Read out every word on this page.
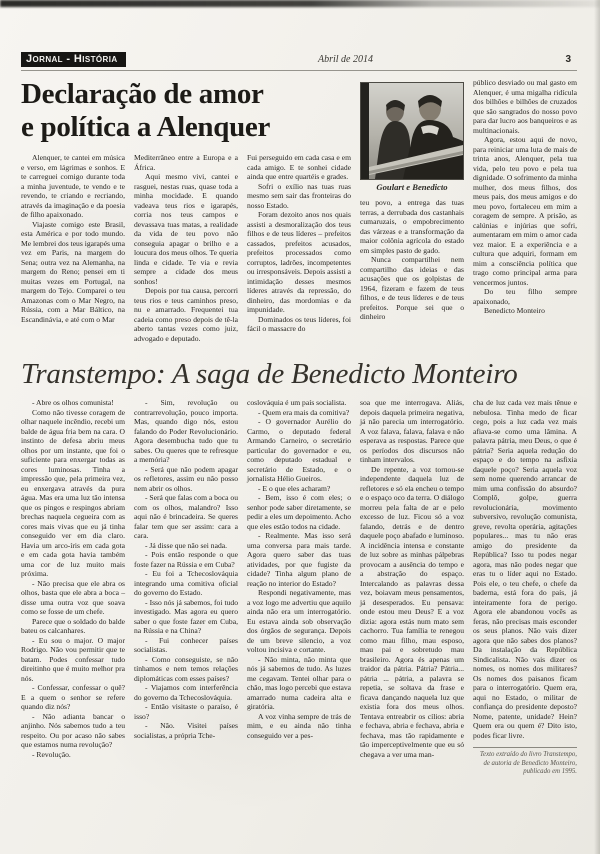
Jornal - História	Abril de 2014	3
Declaração de amor
e política a Alenquer

Alenquer, te cantei em música e verso, em lágrimas e sonhos. E te carreguei comigo durante toda a minha juventude, te vendo e te revendo, te criando e recriando, através da imaginação e da poesia de filho apaixonado.

Viajaste comigo este Brasil, esta América e por todo mundo. Me lembrei dos teus igarapés uma vez em Paris, na margem do Sena; outra vez na Alemanha, na margem do Reno; pensei em ti muitas vezes em Portugal, na margem do Tejo. Comparei o teu Amazonas com o Mar Negro, na Rússia, com a Mar Báltico, na Escandinávia, e até com o Mar

Mediterrâneo entre a Europa e a África.

Aqui mesmo vivi, cantei e rasguei, nestas ruas, quase toda a minha mocidade. E quando vadeava teus rios e igarapés, corria nos teus campos e devassava tuas matas, a realidade da vida de teu povo não conseguia apagar o brilho e a loucura dos meus olhos. Te queria linda e cidade. Te via e revia sempre a cidade dos meus sonhos!

Depois por tua causa, percorri teus rios e teus caminhos preso, nu e amarrado. Frequentei tua cadeia como preso depois de tê-la aberto tantas vezes como juiz, advogado e deputado.

Fui perseguido em cada casa e em cada amigo. E te sonhei cidade ainda que entre quartéis e grades.

Sofri o exílio nas tuas ruas mesmo sem sair das fronteiras do nosso Estado.

Foram dezoito anos nos quais assisti a desmoralização dos teus filhos e de teus líderes – prefeitos cassados, prefeitos acusados, prefeitos processados como corruptos, ladrões, incompetentes ou irresponsáveis. Depois assisti a intimidação desses mesmos líderes através da repressão, do dinheiro, das mordomias e da impunidade.

Dominados os teus líderes, foi fácil o massacre do

Goulart e Benedicto

teu povo, a entrega das tuas terras, a derrubada dos castanhais cumaruzais, o empobrecimento das várzeas e a transformação da maior colônia agrícola do estado em simples pasto de gado.

Nunca compartilhei nem compartilho das ideias e das acusações que os golpistas de 1964, fizeram e fazem de teus filhos, e de teus líderes e de teus prefeitos. Porque sei que o dinheiro

público desviado ou mal gasto em Alenquer, é uma migalha ridícula dos bilhões e bilhões de cruzados que são sangrados do nosso povo para dar lucro aos banqueiros e as multinacionais.

Agora, estou aqui de novo, para reiniciar uma luta de mais de trinta anos, Alenquer, pela tua vida, pelo teu povo e pela tua dignidade. O sofrimento da minha mulher, dos meus filhos, dos meus pais, dos meus amigos e do meu povo, fortaleceu em mim a coragem de sempre. A prisão, as calúnias e injúrias que sofri, aumentaram em mim o amor cada vez maior. E a experiência e a cultura que adquiri, formam em mim a consciência política que trago como principal arma para vencermos juntos.

Do teu filho sempre apaixonado,

Benedicto Monteiro

Transtempo: A saga de Benedicto Monteiro

- Abre os olhos comunista!

Como não tivesse coragem de olhar naquele incêndio, recebi um balde de água fria bem na cara. O instinto de defesa abriu meus olhos por um instante, que foi o suficiente para enxergar todas as cores luminosas. Tinha a impressão que, pela primeira vez, eu enxergava através da pura água. Mas era uma luz tão intensa que os pingos e respingos abriam brechas naquela cegueira com as cores mais vivas que eu já tinha conseguido ver em dia claro. Havia um arco-íris em cada gota e em cada gota havia também uma cor de luz muito mais próxima.

- Não precisa que ele abra os olhos, basta que ele abra a boca – disse uma outra voz que soava como se fosse de um chefe.

Parece que o soldado do balde bateu os calcanhares.

- Eu sou o major. O major Rodrigo. Não vou permitir que te batam. Podes confessar tudo direitinho que é muito melhor pra nós.

- Confessar, confessar o quê? E a quem o senhor se refere quando diz nós?

- Não adianta bancar o anjinho. Nós sabemos tudo a teu respeito. Ou por acaso não sabes que estamos numa revolução?

- Revolução.

- Sim, revolução ou contrarrevolução, pouco importa. Mas, quando digo nós, estou falando do Poder Revolucionário. Agora desembucha tudo que tu sabes. Ou queres que te refresque a memória?

- Será que não podem apagar os refletores, assim eu não posso nem abrir os olhos.

- Será que falas com a boca ou com os olhos, malandro? Isso aqui não é brincadeira. Se queres falar tem que ser assim: cara a cara.

- Já disse que não sei nada.

- Pois então responde o que foste fazer na Rússia e em Cuba?

- Eu foi a Tchecoslováquia integrando uma comitiva oficial do governo do Estado.

- Isso nós já sabemos, foi tudo investigado. Mas agora eu quero saber o que foste fazer em Cuba, na Rússia e na China?

- Fui conhecer países socialistas.

- Como conseguiste, se não tínhamos e nem temos relações diplomáticas com esses países?

- Viajamos com interferência do governo da Tchecoslováquia.

- Então visitaste o paraíso, é isso?

- Não. Visitei países socialistas, a própria Tche-

coslováquia é um país socialista.

- Quem era mais da comitiva?

- O governador Aurélio do Carmo, o deputado federal Armando Carneiro, o secretário particular do governador e eu, como deputado estadual e secretário de Estado, e o jornalista Hélio Gueiros.

- E o que eles acharam?

- Bem, isso é com eles; o senhor pode saber diretamente, se pedir a eles um depoimento. Acho que eles estão todos na cidade.

- Realmente. Mas isso será uma conversa para mais tarde. Agora quero saber das tuas atividades, por que fugiste da cidade? Tinha algum plano de reação no interior do Estado?

Respondi negativamente, mas a voz logo me advertiu que aquilo ainda não era um interrogatório. Eu estava ainda sob observação dos órgãos de segurança. Depois de um breve silencio, a voz voltou incisiva e cortante.

- Não minta, não minta que nós já sabemos de tudo. As luzes me cegavam. Tentei olhar para o chão, mas logo percebi que estava amarrado numa cadeira alta e giratória.

A voz vinha sempre de trás de mim, e eu ainda não tinha conseguido ver a pes-

soa que me interrogava. Aliás, depois daquela primeira negativa, já não parecia um interrogatório. A voz falava, falava, falava e não esperava as respostas. Parece que os períodos dos discursos não tinham intervalos.

De repente, a voz tornou-se independente daquela luz de refletores e só ela encheu o tempo e o espaço oco da terra. O diálogo morreu pela falta de ar e pelo excesso de luz. Ficou só a voz falando, detrás e de dentro daquele poço abafado e luminoso. A incidência intensa e constante de luz sobre as minhas pálpebras provocam a ausência do tempo e a abstração do espaço. Intercalando as palavras dessa vez, boiavam meus pensamentos, já desesperados. Eu pensava: onde estou meu Deus? E a voz dizia: agora estás num mato sem cachorro. Tua família te renegou como mau filho, mau esposo, mau pai e sobretudo mau brasileiro. Agora és apenas um traidor da pátria. Pátria? Pátria... pátria ... pátria, a palavra se repetia, se soltava da frase e ficava dançando naquela luz que existia fora dos meus olhos. Tentava entreabrir os cílios: abria e fechava, abria e fechava, abria e fechava, mas tão rapidamente e tão imperceptivelmente que eu só chegava a ver uma man-

cha de luz cada vez mais tênue e nebulosa. Tinha medo de ficar cego, pois a luz cada vez mais afiava-se como uma lâmina. A palavra pátria, meu Deus, o que é pátria? Seria aquela redução do espaço e do tempo na asfixia daquele poço? Seria aquela voz sem nome querendo arrancar de mim uma confissão do absurdo? Complô, golpe, guerra revolucionária, movimento subversivo, revolução comunista, greve, revolta operária, agitações populares... mas tu não eras amigo do presidente da República? Isso tu podes negar agora, mas não podes negar que eras tu o líder aqui no Estado. Pois ele, o teu chefe, o chefe da baderna, está fora do país, já inteiramente fora de perigo. Agora ele abandonou vocês as feras, não precisas mais esconder os seus planos. Não vais dizer agora que não sabes dos planos? Da instalação da República Sindicalista. Não vais dizer os nomes, os nomes dos militares? Os nomes dos paisanos ficam para o interrogatório. Quem era, aqui no Estado, o militar de confiança do presidente deposto? Nome, patente, unidade? Hein? Quem era ou quem é? Dito isto, podes ficar livre.

Texto extraído do livro Transtempo, de autoria de Benedicto Monteiro, publicado em 1995.
